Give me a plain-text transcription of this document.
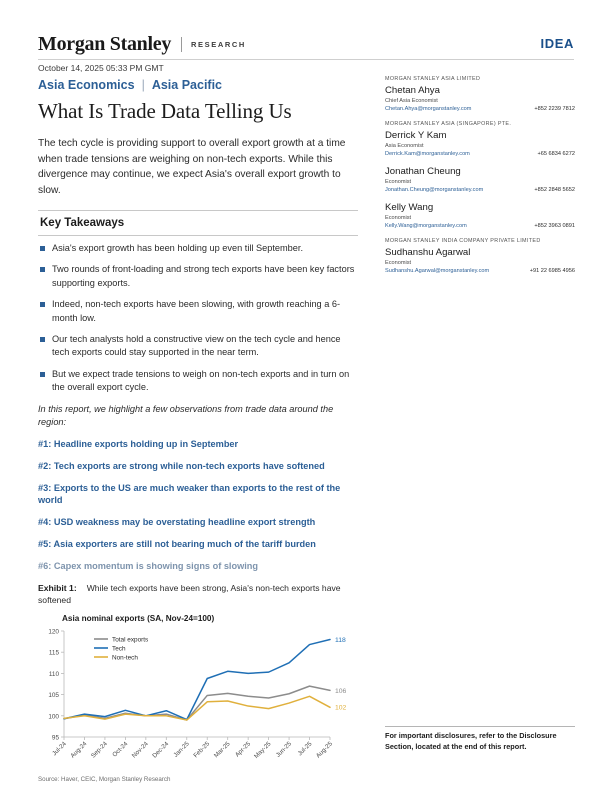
Morgan Stanley	RESEARCH	IDEA
October 14, 2025 05:33 PM GMT
Asia Economics | Asia Pacific
What Is Trade Data Telling Us
The tech cycle is providing support to overall export growth at a time when trade tensions are weighing on non-tech exports. While this divergence may continue, we expect Asia's overall export growth to slow.
Key Takeaways
Asia's export growth has been holding up even till September.
Two rounds of front-loading and strong tech exports have been key factors supporting exports.
Indeed, non-tech exports have been slowing, with growth reaching a 6-month low.
Our tech analysts hold a constructive view on the tech cycle and hence tech exports could stay supported in the near term.
But we expect trade tensions to weigh on non-tech exports and in turn on the overall export cycle.
In this report, we highlight a few observations from trade data around the region:
#1: Headline exports holding up in September
#2: Tech exports are strong while non-tech exports have softened
#3: Exports to the US are much weaker than exports to the rest of the world
#4: USD weakness may be overstating headline export strength
#5: Asia exporters are still not bearing much of the tariff burden
#6: Capex momentum is showing signs of slowing
Exhibit 1: While tech exports have been strong, Asia's non-tech exports have softened
Asia nominal exports (SA, Nov-24=100)
95
100
105
110
115
120
Jul-24 Aug-24 Sep-24 Oct-24 Nov-24 Dec-24 Jan-25 Feb-25 Mar-25 Apr-25 May-25 Jun-25 Jul-25 Aug-25
106
118
102
Total exports
Tech
Non-tech
Source: Haver, CEIC, Morgan Stanley Research
MORGAN STANLEY ASIA LIMITED
Chetan Ahya
Chief Asia Economist
Chetan.Ahya@morganstanley.com	+852 2239 7812
MORGAN STANLEY ASIA (SINGAPORE) PTE.
Derrick Y Kam
Asia Economist
Derrick.Kam@morganstanley.com	+65 6834 6272
Jonathan Cheung
Economist
Jonathan.Cheung@morganstanley.com	+852 2848 5652
Kelly Wang
Economist
Kelly.Wang@morganstanley.com	+852 3963 0891
MORGAN STANLEY INDIA COMPANY PRIVATE LIMITED
Sudhanshu Agarwal
Economist
Sudhanshu.Agarwal@morganstanley.com	+91 22 6985 4956
For important disclosures, refer to the Disclosure Section, located at the end of this report.
